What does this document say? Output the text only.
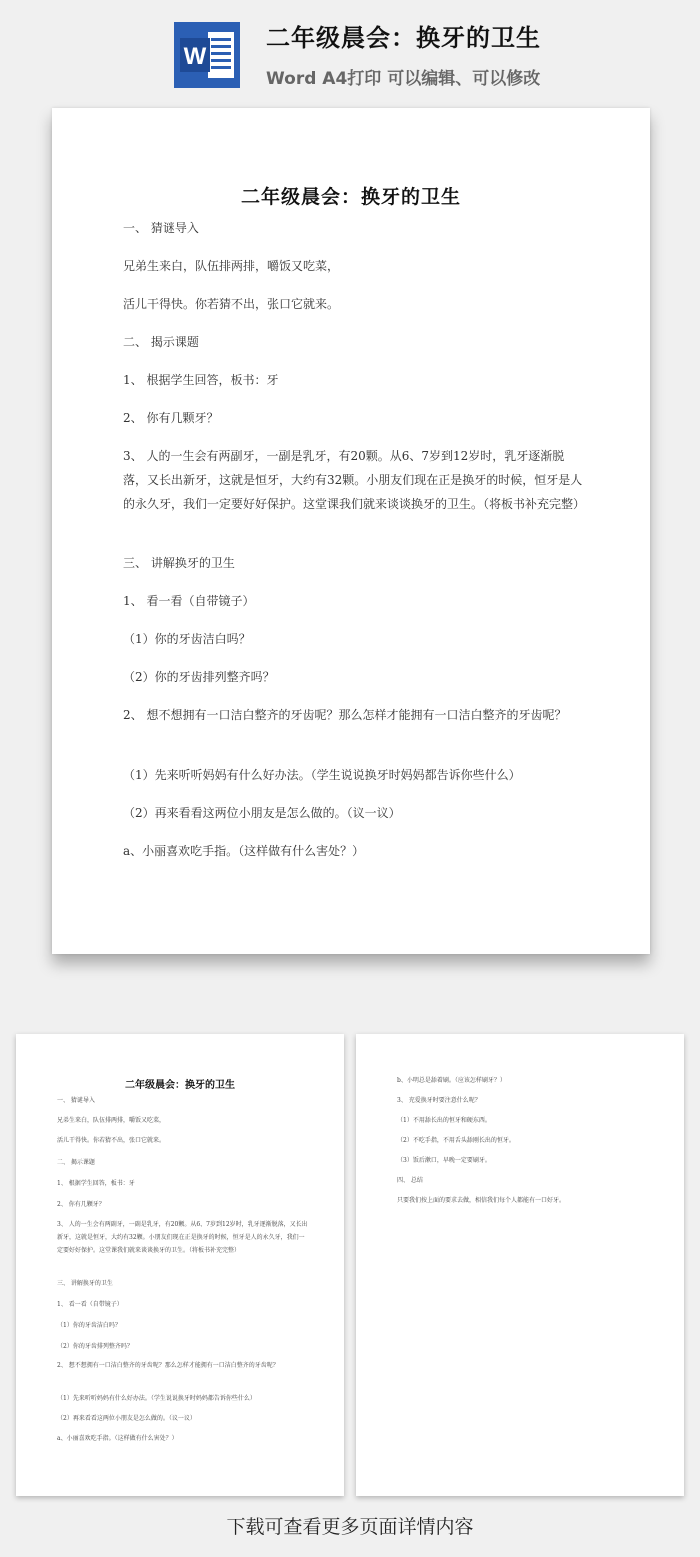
W
二年级晨会：换牙的卫生
Word A4打印 可以编辑、可以修改
二年级晨会：换牙的卫生
一、 猜谜导入
兄弟生来白，队伍排两排，嚼饭又吃菜，
活儿干得快。你若猜不出，张口它就来。
二、 揭示课题
1、 根据学生回答，板书：牙
2、 你有几颗牙？
3、 人的一生会有两副牙，一副是乳牙，有20颗。从6、7岁到12岁时，乳牙逐渐脱落，又长出新牙，这就是恒牙，大约有32颗。小朋友们现在正是换牙的时候，恒牙是人的永久牙，我们一定要好好保护。这堂课我们就来谈谈换牙的卫生。（将板书补充完整）
三、 讲解换牙的卫生
1、 看一看（自带镜子）
（1）你的牙齿洁白吗？
（2）你的牙齿排列整齐吗？
2、 想不想拥有一口洁白整齐的牙齿呢？那么怎样才能拥有一口洁白整齐的牙齿呢？
（1）先来听听妈妈有什么好办法。（学生说说换牙时妈妈都告诉你些什么）
（2）再来看看这两位小朋友是怎么做的。（议一议）
a、小丽喜欢吃手指。（这样做有什么害处？）
二年级晨会：换牙的卫生
一、 猜谜导入
兄弟生来白，队伍排两排，嚼饭又吃菜，
活儿干得快。你若猜不出，张口它就来。
二、 揭示课题
1、 根据学生回答，板书：牙
2、 你有几颗牙？
3、 人的一生会有两副牙，一副是乳牙，有20颗。从6、7岁到12岁时，乳牙逐渐脱落，又长出新牙，这就是恒牙，大约有32颗。小朋友们现在正是换牙的时候，恒牙是人的永久牙，我们一定要好好保护。这堂课我们就来谈谈换牙的卫生。（将板书补充完整）
三、 讲解换牙的卫生
1、 看一看（自带镜子）
（1）你的牙齿洁白吗？
（2）你的牙齿排列整齐吗？
2、 想不想拥有一口洁白整齐的牙齿呢？那么怎样才能拥有一口洁白整齐的牙齿呢？
（1）先来听听妈妈有什么好办法。（学生说说换牙时妈妈都告诉你些什么）
（2）再来看看这两位小朋友是怎么做的。（议一议）
a、小丽喜欢吃手指。（这样做有什么害处？）
b、小明总是舔着刷。（应该怎样刷牙？）
3、 充爱换牙时要注意什么呢？
（1）不用舔长出的恒牙和硬东西。
（2）不吃手指，不用舌头舔刚长出的恒牙。
（3）饭后漱口，早晚一定要刷牙。
四、 总结
只要我们按上面的要求去做，相信我们每个人都能有一口好牙。
下载可查看更多页面详情内容
